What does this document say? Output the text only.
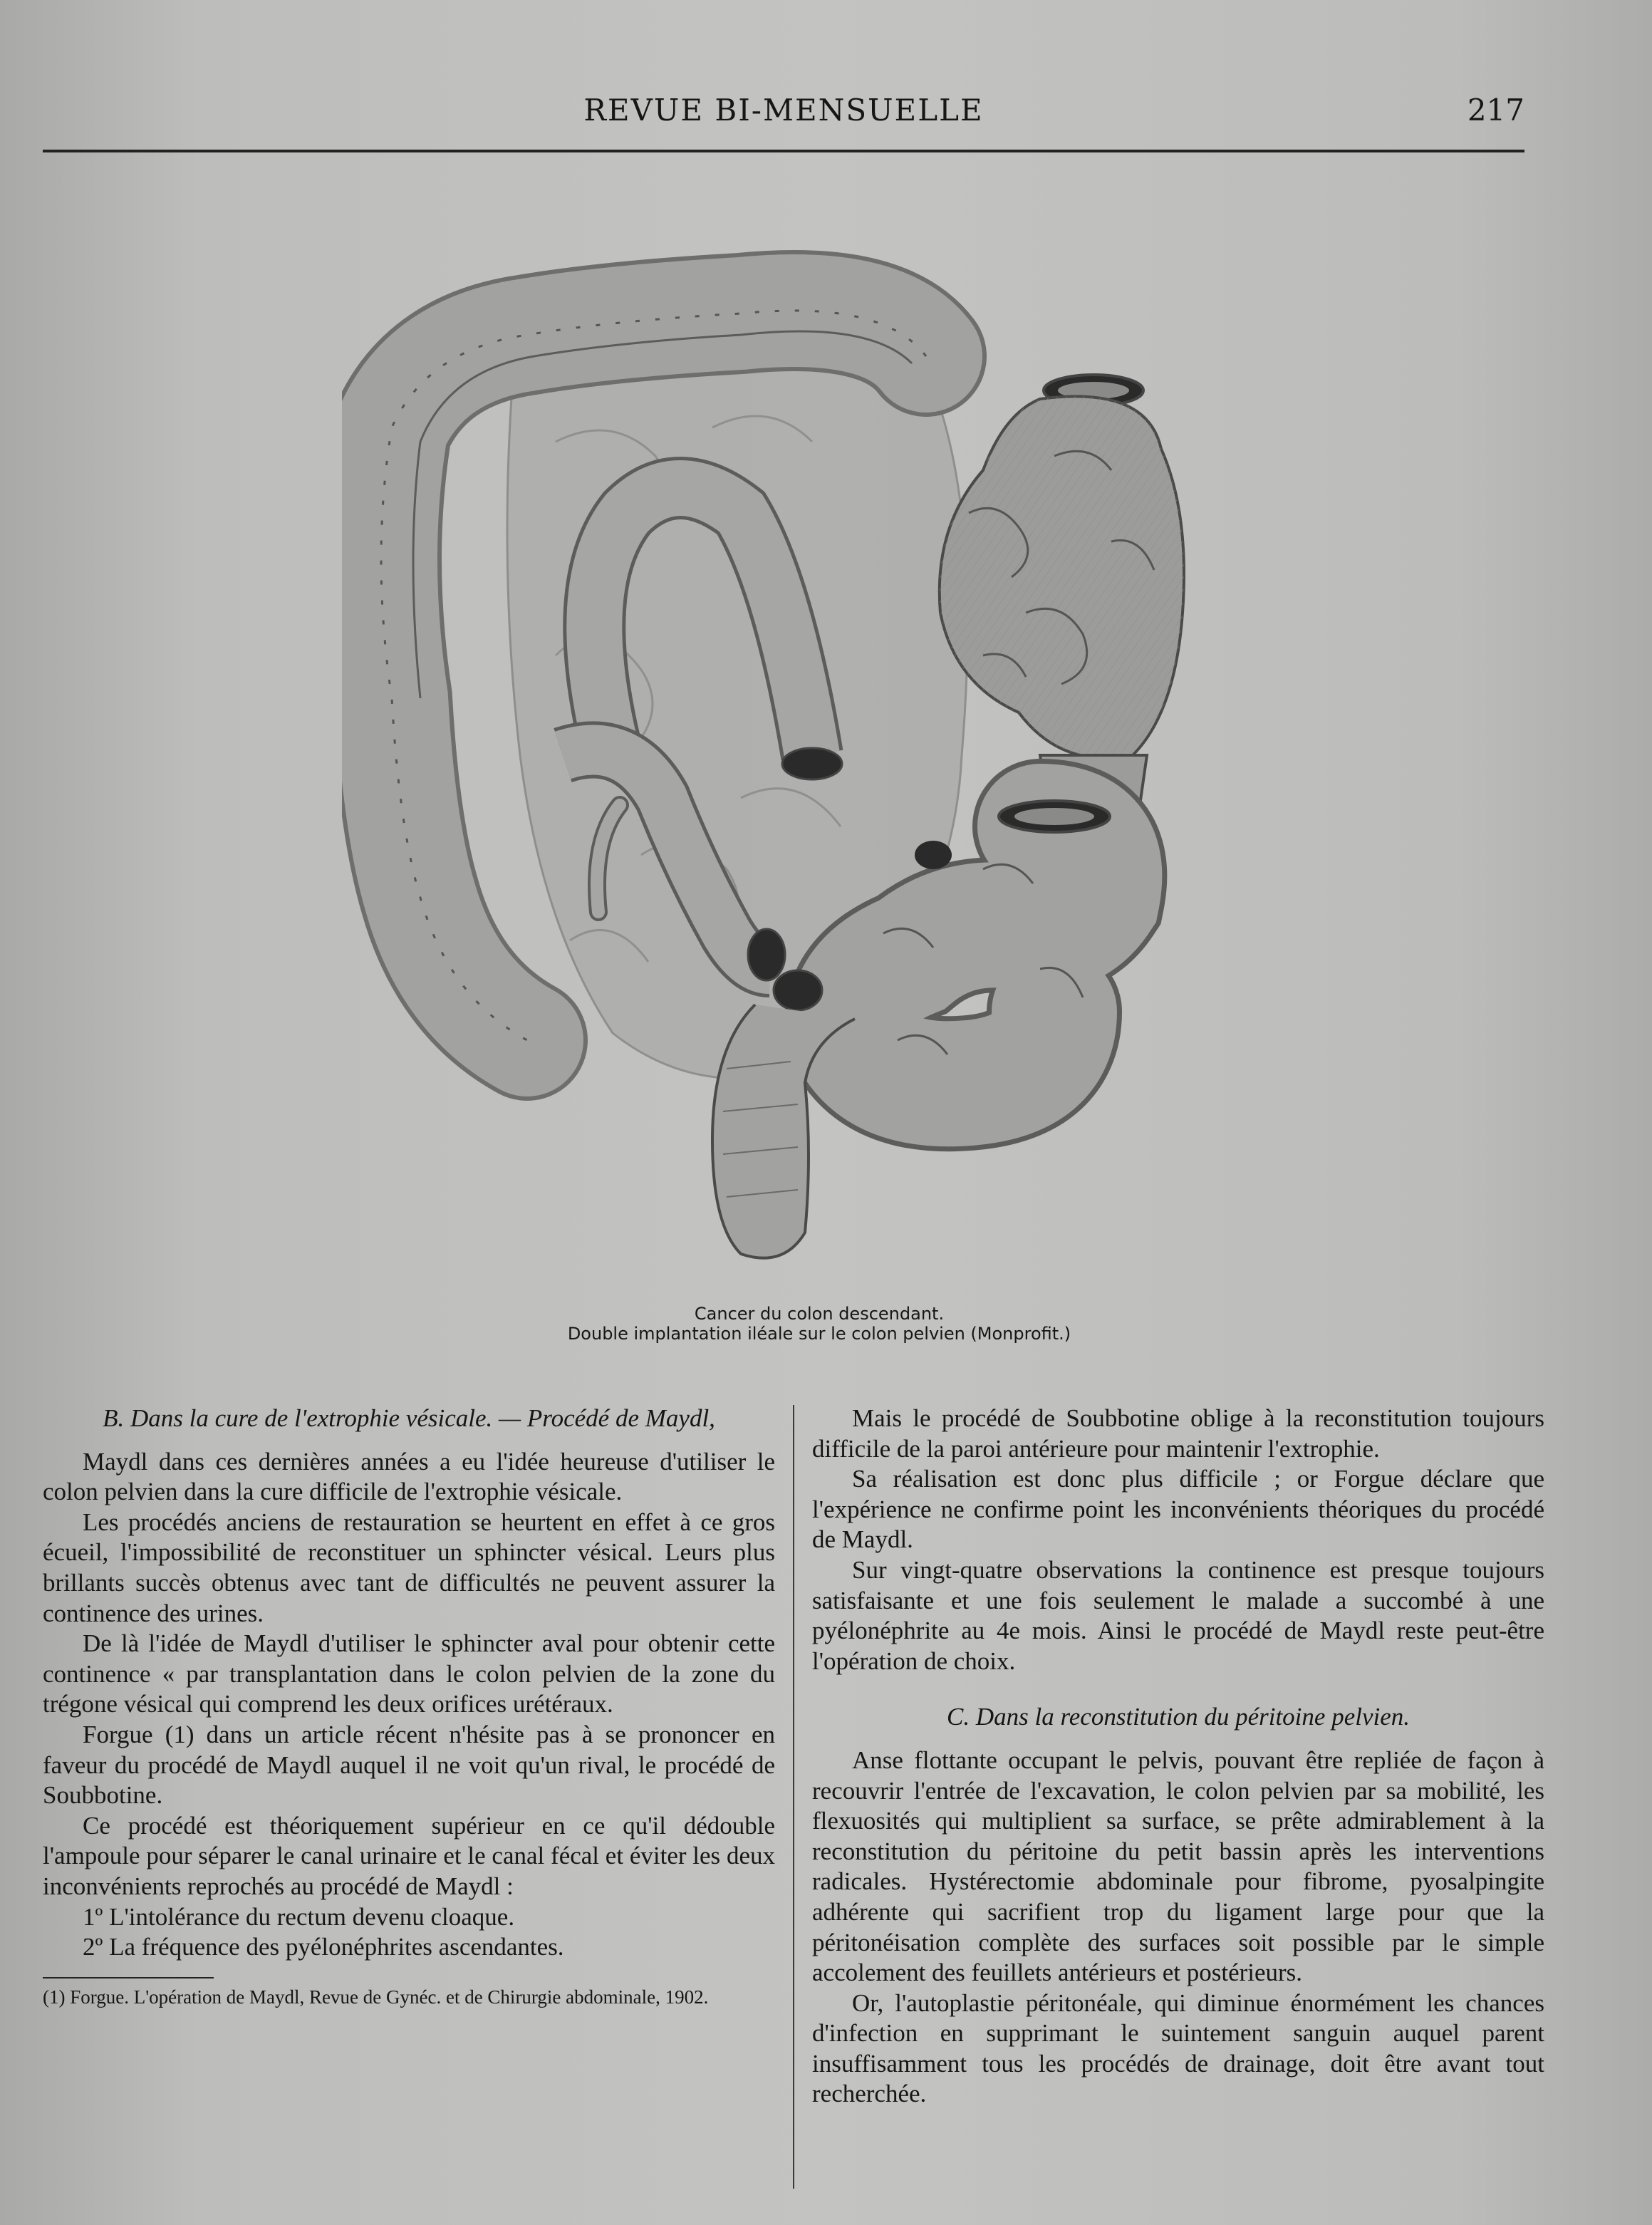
REVUE BI-MENSUELLE	217
Cancer du colon descendant.
Double implantation iléale sur le colon pelvien (Monprofit.)

B. Dans la cure de l'extrophie vésicale. — Procédé de Maydl,

Maydl dans ces dernières années a eu l'idée heureuse d'utiliser le colon pelvien dans la cure difficile de l'extrophie vésicale.

Les procédés anciens de restauration se heurtent en effet à ce gros écueil, l'impossibilité de reconstituer un sphincter vésical. Leurs plus brillants succès obtenus avec tant de difficultés ne peuvent assurer la continence des urines.

De là l'idée de Maydl d'utiliser le sphincter aval pour obtenir cette continence « par transplantation dans le colon pelvien de la zone du trégone vésical qui comprend les deux orifices urétéraux.

Forgue (1) dans un article récent n'hésite pas à se prononcer en faveur du procédé de Maydl auquel il ne voit qu'un rival, le procédé de Soubbotine.

Ce procédé est théoriquement supérieur en ce qu'il dédouble l'ampoule pour séparer le canal urinaire et le canal fécal et éviter les deux inconvénients reprochés au procédé de Maydl :

1º L'intolérance du rectum devenu cloaque.

2º La fréquence des pyélonéphrites ascendantes.

(1) Forgue. L'opération de Maydl, Revue de Gynéc. et de Chirurgie abdominale, 1902.

Mais le procédé de Soubbotine oblige à la reconstitution toujours difficile de la paroi antérieure pour maintenir l'extrophie.

Sa réalisation est donc plus difficile ; or Forgue déclare que l'expérience ne confirme point les inconvénients théoriques du procédé de Maydl.

Sur vingt-quatre observations la continence est presque toujours satisfaisante et une fois seulement le malade a succombé à une pyélonéphrite au 4e mois. Ainsi le procédé de Maydl reste peut-être l'opération de choix.

C. Dans la reconstitution du péritoine pelvien.

Anse flottante occupant le pelvis, pouvant être repliée de façon à recouvrir l'entrée de l'excavation, le colon pelvien par sa mobilité, les flexuosités qui multiplient sa surface, se prête admirablement à la reconstitution du péritoine du petit bassin après les interventions radicales. Hystérectomie abdominale pour fibrome, pyosalpingite adhérente qui sacrifient trop du ligament large pour que la péritonéisation complète des surfaces soit possible par le simple accolement des feuillets antérieurs et postérieurs.

Or, l'autoplastie péritonéale, qui diminue énormément les chances d'infection en supprimant le suintement sanguin auquel parent insuffisamment tous les procédés de drainage, doit être avant tout recherchée.
